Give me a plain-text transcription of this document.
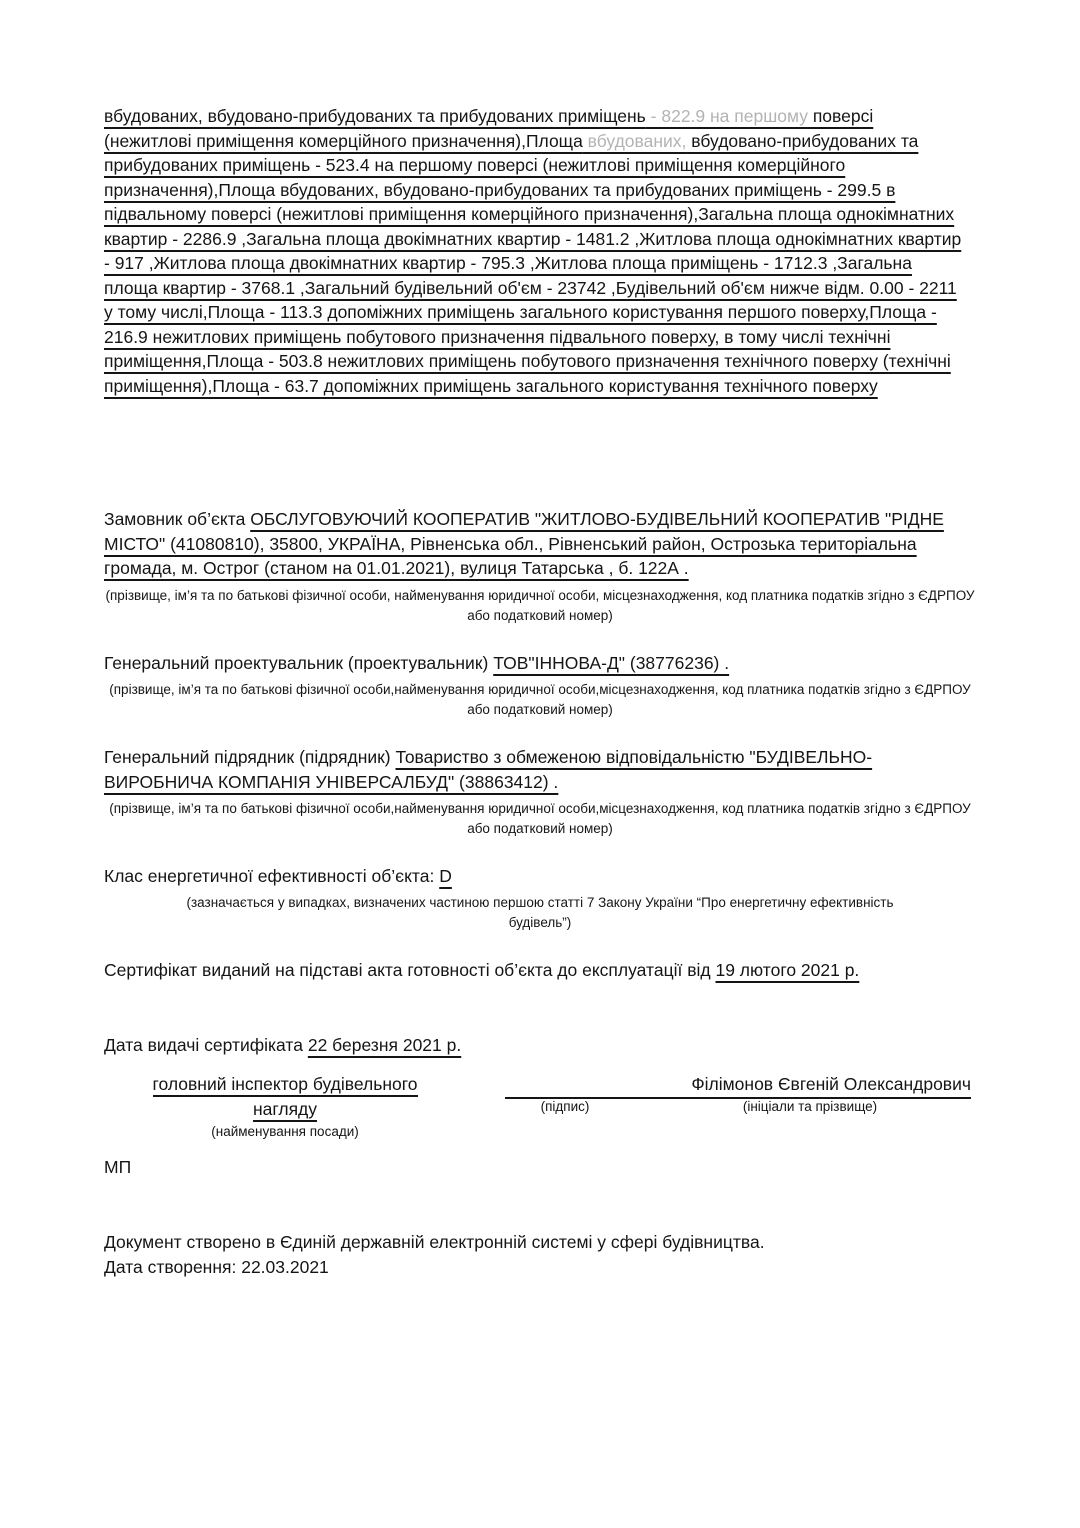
вбудованих, вбудовано-прибудованих та прибудованих приміщень - 822.9 на першому поверсі (нежитлові приміщення комерційного призначення),Площа вбудованих, вбудовано-прибудованих та прибудованих приміщень - 523.4 на першому поверсі (нежитлові приміщення комерційного призначення),Площа вбудованих, вбудовано-прибудованих та прибудованих приміщень - 299.5 в підвальному поверсі (нежитлові приміщення комерційного призначення),Загальна площа однокімнатних квартир - 2286.9 ,Загальна площа двокімнатних квартир - 1481.2 ,Житлова площа однокімнатних квартир - 917 ,Житлова площа двокімнатних квартир - 795.3 ,Житлова площа приміщень - 1712.3 ,Загальна площа квартир - 3768.1 ,Загальний будівельний об'єм - 23742 ,Будівельний об'єм нижче відм. 0.00 - 2211 у тому числі,Площа - 113.3 допоміжних приміщень загального користування першого поверху,Площа - 216.9 нежитлових приміщень побутового призначення підвального поверху, в тому числі технічні приміщення,Площа - 503.8 нежитлових приміщень побутового призначення технічного поверху (технічні приміщення),Площа - 63.7 допоміжних приміщень загального користування технічного поверху

Замовник об’єкта ОБСЛУГОВУЮЧИЙ КООПЕРАТИВ "ЖИТЛОВО-БУДІВЕЛЬНИЙ КООПЕРАТИВ "РІДНЕ МІСТО" (41080810), 35800, УКРАЇНА, Рівненська обл., Рівненський район, Острозька територіальна громада, м. Острог (станом на 01.01.2021), вулиця Татарська , б. 122А .

(прізвище, ім’я та по батькові фізичної особи, найменування юридичної особи, місцезнаходження, код платника податків згідно з ЄДРПОУ або податковий номер)

Генеральний проектувальник (проектувальник) ТОВ"ІННОВА-Д" (38776236) .

(прізвище, ім’я та по батькові фізичної особи,найменування юридичної особи,місцезнаходження, код платника податків згідно з ЄДРПОУ або податковий номер)

Генеральний підрядник (підрядник) Товариство з обмеженою відповідальністю "БУДІВЕЛЬНО-ВИРОБНИЧА КОМПАНІЯ УНІВЕРСАЛБУД" (38863412) .

(прізвище, ім’я та по батькові фізичної особи,найменування юридичної особи,місцезнаходження, код платника податків згідно з ЄДРПОУ або податковий номер)

Клас енергетичної ефективності об’єкта: D

(зазначається у випадках, визначених частиною першою статті 7 Закону України “Про енергетичну ефективність будівель”)

Сертифікат виданий на підставі акта готовності об’єкта до експлуатації від 19 лютого 2021 р.

Дата видачі сертифіката 22 березня 2021 р.

головний інспектор будівельного

нагляду

(найменування посади)
Філімонов Євгеній Олександрович
(підпис)	(ініціали та прізвище)

МП

Документ створено в Єдиній державній електронній системі у сфері будівництва.

Дата створення: 22.03.2021
